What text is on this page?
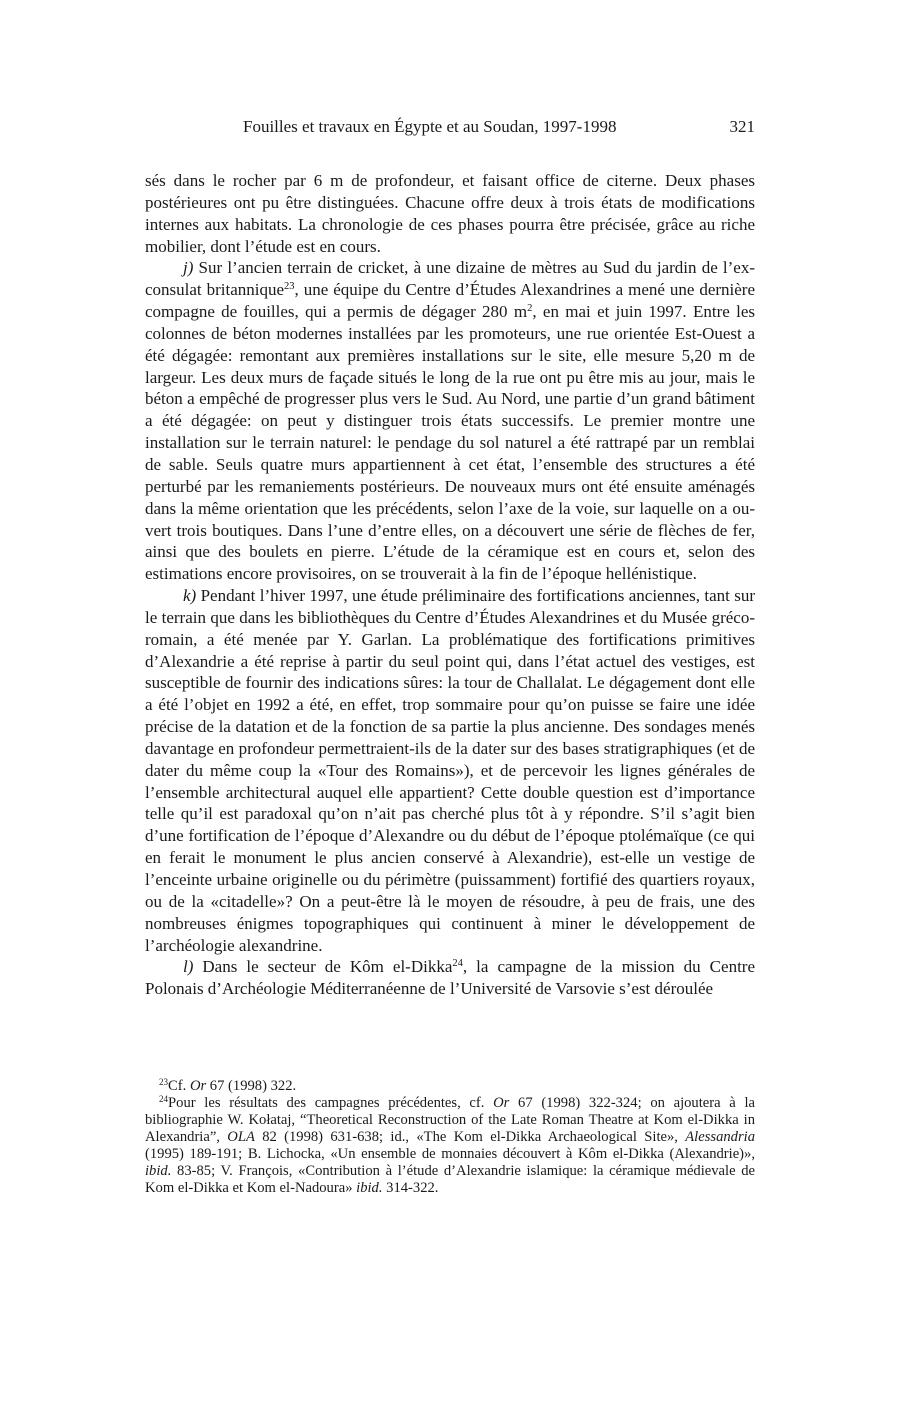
Fouilles et travaux en Égypte et au Soudan, 1997-1998	321

sés dans le rocher par 6 m de profondeur, et faisant office de citerne. Deux phases postérieures ont pu être distinguées. Chacune offre deux à trois états de modifications internes aux habitats. La chronologie de ces phases pourra être précisée, grâce au riche mobilier, dont l’étude est en cours.

j) Sur l’ancien terrain de cricket, à une dizaine de mètres au Sud du jardin de l’ex-consulat britannique$^{23}$, une équipe du Centre d’Études Alexandrines a mené une dernière compagne de fouilles, qui a permis de dégager 280 $m^2$, en mai et juin 1997. Entre les colonnes de béton modernes installées par les promoteurs, une rue orientée Est-Ouest a été dégagée: remontant aux premières installations sur le site, elle mesure 5,20 m de largeur. Les deux murs de façade situés le long de la rue ont pu être mis au jour, mais le béton a empêché de progresser plus vers le Sud. Au Nord, une partie d’un grand bâtiment a été dégagée: on peut y distinguer trois états successifs. Le premier montre une installation sur le terrain naturel: le pendage du sol naturel a été rattrapé par un remblai de sable. Seuls quatre murs appartiennent à cet état, l’ensemble des structures a été perturbé par les remaniements postérieurs. De nouveaux murs ont été ensuite aménagés dans la même orientation que les précédents, selon l’axe de la voie, sur laquelle on a ouvert trois boutiques. Dans l’une d’entre elles, on a découvert une série de flèches de fer, ainsi que des boulets en pierre. L’étude de la céramique est en cours et, selon des estimations encore provisoires, on se trouverait à la fin de l’époque hellénistique.

k) Pendant l’hiver 1997, une étude préliminaire des fortifications anciennes, tant sur le terrain que dans les bibliothèques du Centre d’Études Alexandrines et du Musée gréco-romain, a été menée par Y. Garlan. La problématique des fortifications primitives d’Alexandrie a été reprise à partir du seul point qui, dans l’état actuel des vestiges, est susceptible de fournir des indications sûres: la tour de Challalat. Le dégagement dont elle a été l’objet en 1992 a été, en effet, trop sommaire pour qu’on puisse se faire une idée précise de la datation et de la fonction de sa partie la plus ancienne. Des sondages menés davantage en profondeur permettraient-ils de la dater sur des bases stratigraphiques (et de dater du même coup la «Tour des Romains»), et de percevoir les lignes générales de l’ensemble architectural auquel elle appartient? Cette double question est d’importance telle qu’il est paradoxal qu’on n’ait pas cherché plus tôt à y répondre. S’il s’agit bien d’une fortification de l’époque d’Alexandre ou du début de l’époque ptolémaïque (ce qui en ferait le monument le plus ancien conservé à Alexandrie), est-elle un vestige de l’enceinte urbaine originelle ou du périmètre (puissamment) fortifié des quartiers royaux, ou de la «citadelle»? On a peut-être là le moyen de résoudre, à peu de frais, une des nombreuses énigmes topographiques qui continuent à miner le développement de l’archéologie alexandrine.

l) Dans le secteur de Kôm el-Dikka$^{24}$, la campagne de la mission du Centre Polonais d’Archéologie Méditerranéenne de l’Université de Varsovie s’est déroulée

$^{23}$Cf. Or 67 (1998) 322.

$^{24}$Pour les résultats des campagnes précédentes, cf. Or 67 (1998) 322-324; on ajoutera à la bibliographie W. Kołataj, “Theoretical Reconstruction of the Late Roman Theatre at Kom el-Dikka in Alexandria”, OLA 82 (1998) 631-638; id., «The Kom el-Dikka Archaeological Site», Alessandria (1995) 189-191; B. Lichocka, «Un ensemble de monnaies découvert à Kôm el-Dikka (Alexandrie)», ibid. 83-85; V. François, «Contribution à l’étude d’Alexandrie islamique: la céramique médievale de Kom el-Dikka et Kom el-Nadoura» ibid. 314-322.
